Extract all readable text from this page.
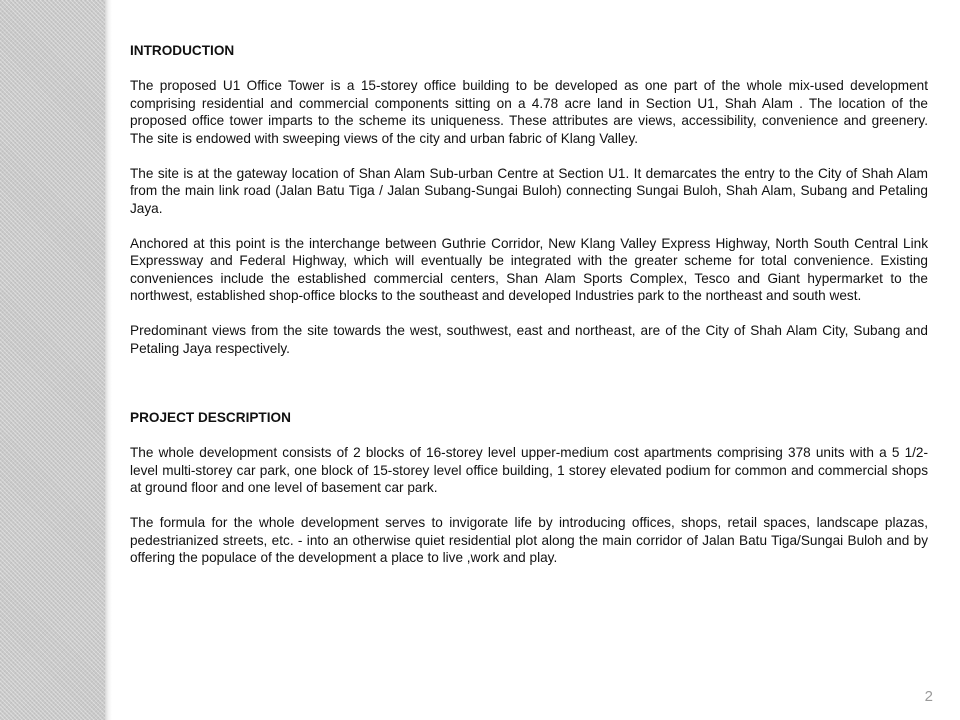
INTRODUCTION

The proposed U1 Office Tower is a 15-storey office building to be developed as one part of the whole mix-used development comprising residential and commercial components sitting on a 4.78 acre land in Section U1, Shah Alam . The location of the proposed office tower imparts to the scheme its uniqueness. These attributes are views, accessibility, convenience and greenery. The site is endowed with sweeping views of the city and urban fabric of Klang Valley.

The site is at the gateway location of Shan Alam Sub-urban Centre at Section U1. It demarcates the entry to the City of Shah Alam from the main link road (Jalan Batu Tiga / Jalan Subang-Sungai Buloh) connecting Sungai Buloh, Shah Alam, Subang and Petaling Jaya.

Anchored at this point is the interchange between Guthrie Corridor, New Klang Valley Express Highway, North South Central Link Expressway and Federal Highway, which will eventually be integrated with the greater scheme for total convenience. Existing conveniences include the established commercial centers, Shan Alam Sports Complex, Tesco and Giant hypermarket to the northwest, established shop-office blocks to the southeast and developed Industries park to the northeast and south west.

Predominant views from the site towards the west, southwest, east and northeast, are of the City of Shah Alam City, Subang and Petaling Jaya respectively.

PROJECT DESCRIPTION

The whole development consists of 2 blocks of 16-storey level upper-medium cost apartments comprising 378 units with a 5 1/2-level multi-storey car park, one block of 15-storey level office building, 1 storey elevated podium for common and commercial shops at ground floor and one level of basement car park.

The formula for the whole development serves to invigorate life by introducing offices, shops, retail spaces, landscape plazas, pedestrianized streets, etc. - into an otherwise quiet residential plot along the main corridor of Jalan Batu Tiga/Sungai Buloh and by offering the populace of the development a place to live ,work and play.

2
